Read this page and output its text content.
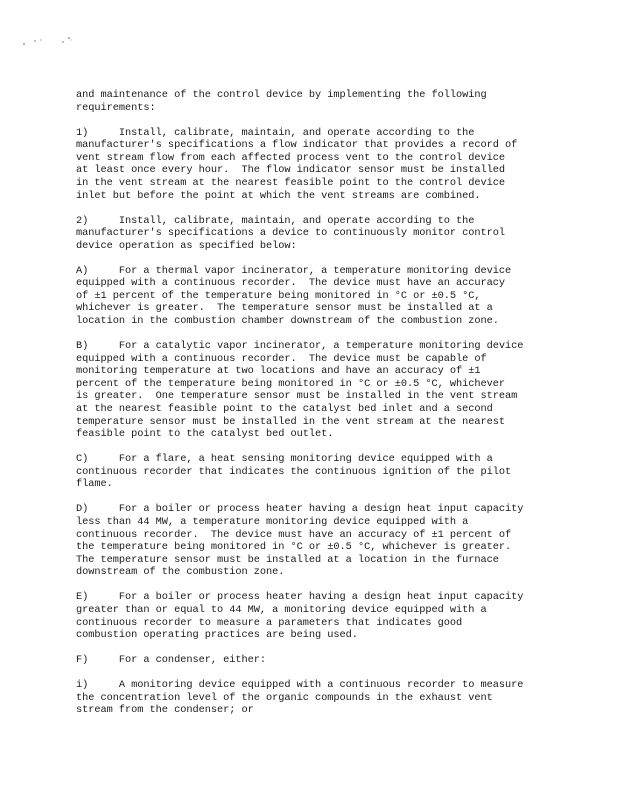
and maintenance of the control device by implementing the following
requirements:

1)     Install, calibrate, maintain, and operate according to the
manufacturer's specifications a flow indicator that provides a record of
vent stream flow from each affected process vent to the control device
at least once every hour.  The flow indicator sensor must be installed
in the vent stream at the nearest feasible point to the control device
inlet but before the point at which the vent streams are combined.

2)     Install, calibrate, maintain, and operate according to the
manufacturer's specifications a device to continuously monitor control
device operation as specified below:

A)     For a thermal vapor incinerator, a temperature monitoring device
equipped with a continuous recorder.  The device must have an accuracy
of ±1 percent of the temperature being monitored in °C or ±0.5 °C,
whichever is greater.  The temperature sensor must be installed at a
location in the combustion chamber downstream of the combustion zone.

B)     For a catalytic vapor incinerator, a temperature monitoring device
equipped with a continuous recorder.  The device must be capable of
monitoring temperature at two locations and have an accuracy of ±1
percent of the temperature being monitored in °C or ±0.5 °C, whichever
is greater.  One temperature sensor must be installed in the vent stream
at the nearest feasible point to the catalyst bed inlet and a second
temperature sensor must be installed in the vent stream at the nearest
feasible point to the catalyst bed outlet.

C)     For a flare, a heat sensing monitoring device equipped with a
continuous recorder that indicates the continuous ignition of the pilot
flame.

D)     For a boiler or process heater having a design heat input capacity
less than 44 MW, a temperature monitoring device equipped with a
continuous recorder.  The device must have an accuracy of ±1 percent of
the temperature being monitored in °C or ±0.5 °C, whichever is greater.
The temperature sensor must be installed at a location in the furnace
downstream of the combustion zone.

E)     For a boiler or process heater having a design heat input capacity
greater than or equal to 44 MW, a monitoring device equipped with a
continuous recorder to measure a parameters that indicates good
combustion operating practices are being used.

F)     For a condenser, either:

i)     A monitoring device equipped with a continuous recorder to measure
the concentration level of the organic compounds in the exhaust vent
stream from the condenser; or
